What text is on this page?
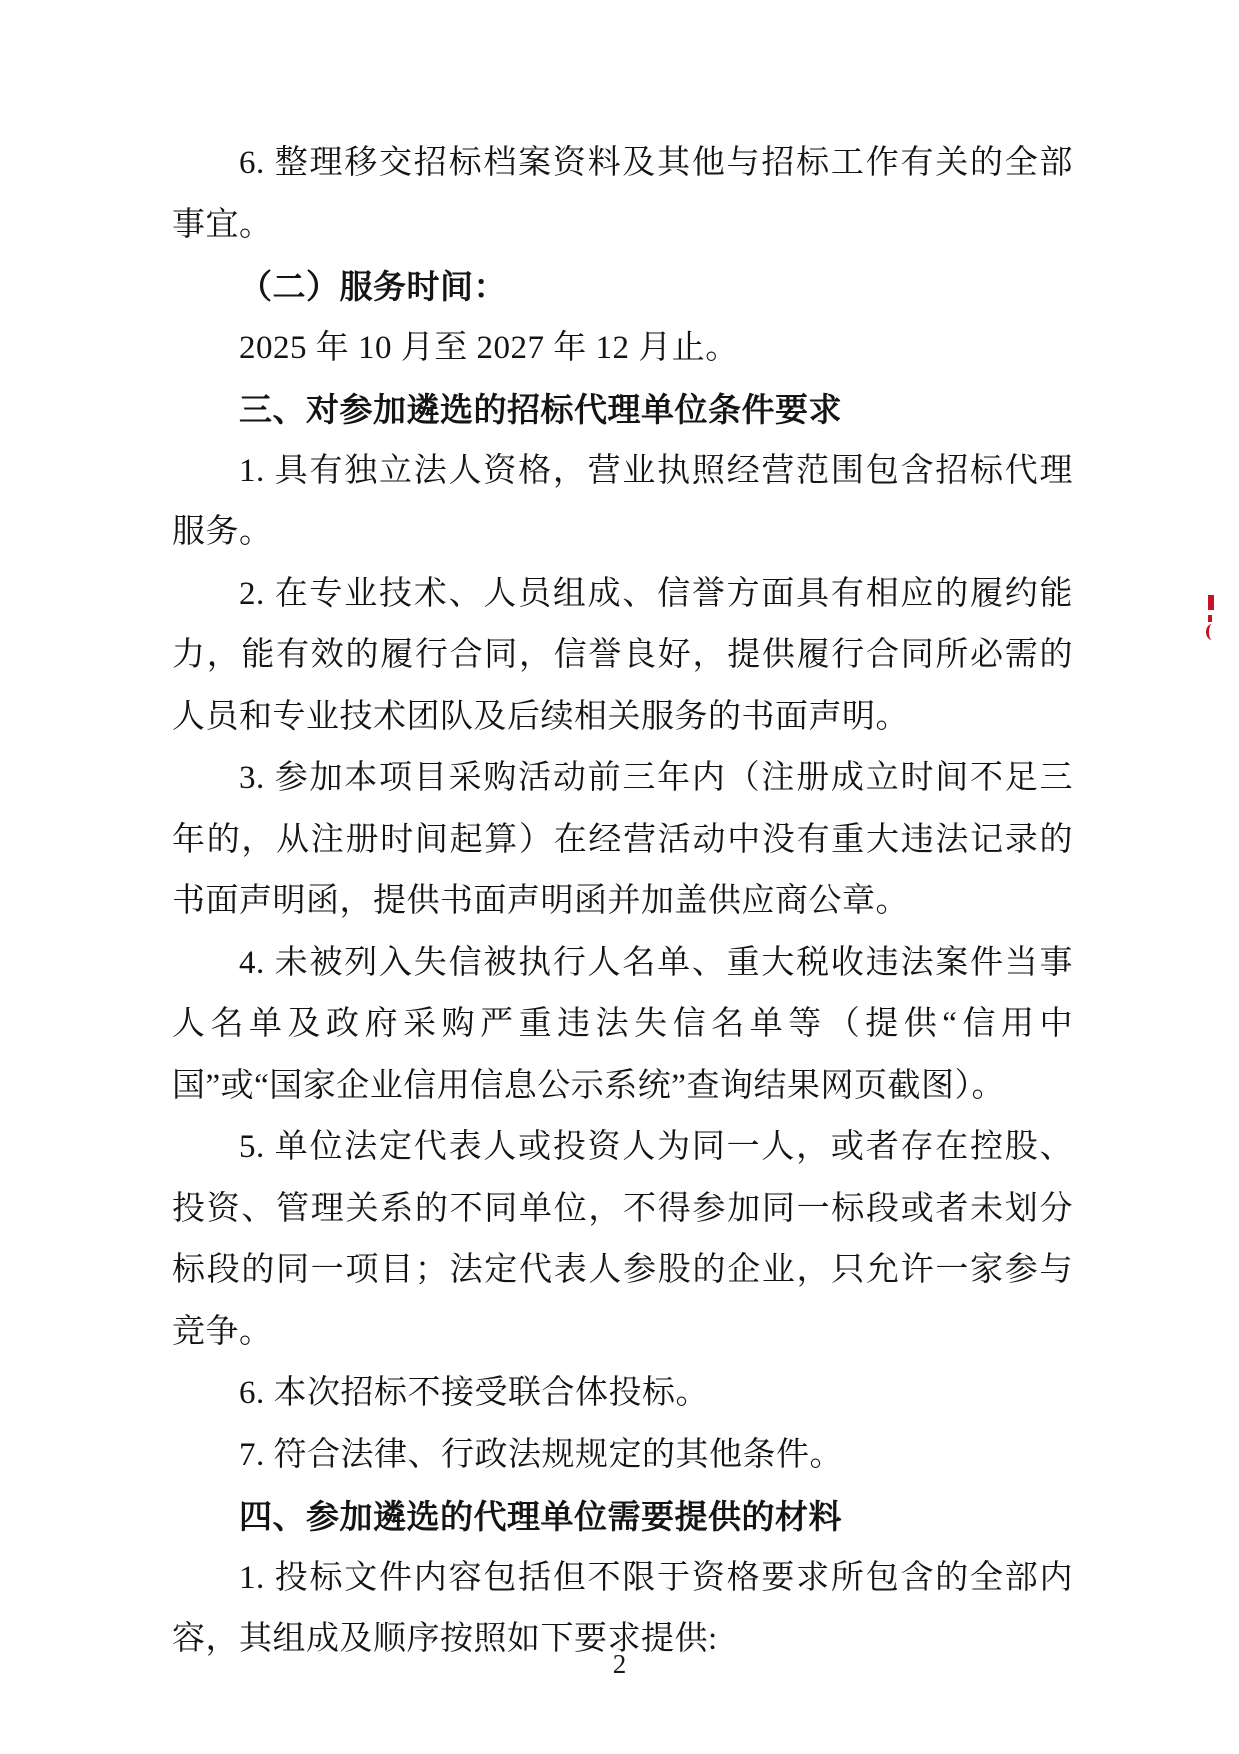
6. 整理移交招标档案资料及其他与招标工作有关的全部事宜。

（二）服务时间：

2025 年 10 月至 2027 年 12 月止。

三、对参加遴选的招标代理单位条件要求

1. 具有独立法人资格，营业执照经营范围包含招标代理服务。

2. 在专业技术、人员组成、信誉方面具有相应的履约能力，能有效的履行合同，信誉良好，提供履行合同所必需的人员和专业技术团队及后续相关服务的书面声明。

3. 参加本项目采购活动前三年内（注册成立时间不足三年的，从注册时间起算）在经营活动中没有重大违法记录的书面声明函，提供书面声明函并加盖供应商公章。

4. 未被列入失信被执行人名单、重大税收违法案件当事人名单及政府采购严重违法失信名单等（提供“信用中国”或“国家企业信用信息公示系统”查询结果网页截图）。

5. 单位法定代表人或投资人为同一人，或者存在控股、投资、管理关系的不同单位，不得参加同一标段或者未划分标段的同一项目；法定代表人参股的企业，只允许一家参与竞争。

6. 本次招标不接受联合体投标。

7. 符合法律、行政法规规定的其他条件。

四、参加遴选的代理单位需要提供的材料

1. 投标文件内容包括但不限于资格要求所包含的全部内容，其组成及顺序按照如下要求提供:

2
